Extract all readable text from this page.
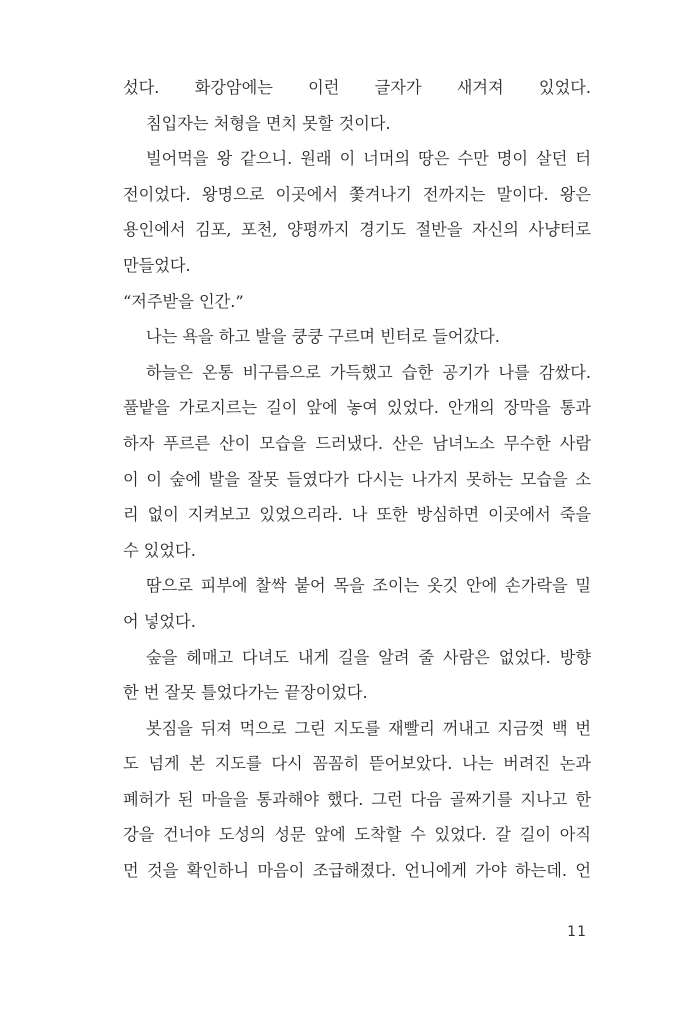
섰다. 화강암에는 이런 글자가 새겨져 있었다.
침입자는 처형을 면치 못할 것이다.
빌어먹을 왕 같으니. 원래 이 너머의 땅은 수만 명이 살던 터
전이었다. 왕명으로 이곳에서 쫓겨나기 전까지는 말이다. 왕은
용인에서 김포, 포천, 양평까지 경기도 절반을 자신의 사냥터로
만들었다.
“저주받을 인간.”
나는 욕을 하고 발을 쿵쿵 구르며 빈터로 들어갔다.
하늘은 온통 비구름으로 가득했고 습한 공기가 나를 감쌌다.
풀밭을 가로지르는 길이 앞에 놓여 있었다. 안개의 장막을 통과
하자 푸르른 산이 모습을 드러냈다. 산은 남녀노소 무수한 사람
이 이 숲에 발을 잘못 들였다가 다시는 나가지 못하는 모습을 소
리 없이 지켜보고 있었으리라. 나 또한 방심하면 이곳에서 죽을
수 있었다.
땀으로 피부에 찰싹 붙어 목을 조이는 옷깃 안에 손가락을 밀
어 넣었다.
숲을 헤매고 다녀도 내게 길을 알려 줄 사람은 없었다. 방향
한 번 잘못 틀었다가는 끝장이었다.
봇짐을 뒤져 먹으로 그린 지도를 재빨리 꺼내고 지금껏 백 번
도 넘게 본 지도를 다시 꼼꼼히 뜯어보았다. 나는 버려진 논과
폐허가 된 마을을 통과해야 했다. 그런 다음 골짜기를 지나고 한
강을 건너야 도성의 성문 앞에 도착할 수 있었다. 갈 길이 아직
먼 것을 확인하니 마음이 조급해졌다. 언니에게 가야 하는데. 언
11
